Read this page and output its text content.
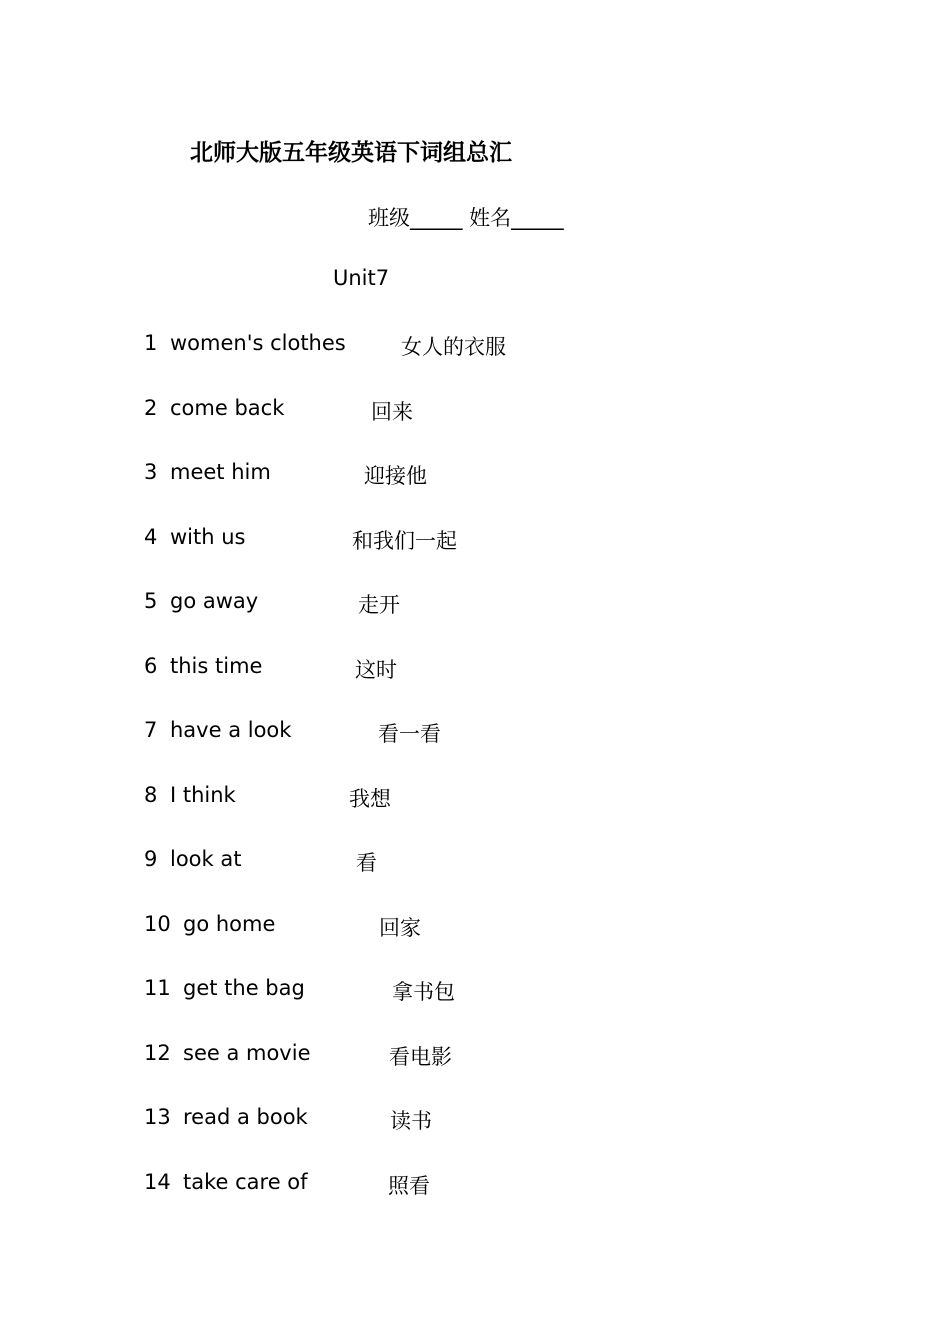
北师大版五年级英语下词组总汇
班级_____ 姓名_____
Unit7
1 women's clothes	女人的衣服
2 come back	回来
3 meet him	迎接他
4 with us	和我们一起
5 go away	走开
6 this time	这时
7 have a look	看一看
8 I think	我想
9 look at	看
10 go home	回家
11 get the bag	拿书包
12 see a movie	看电影
13 read a book	读书
14 take care of	照看
